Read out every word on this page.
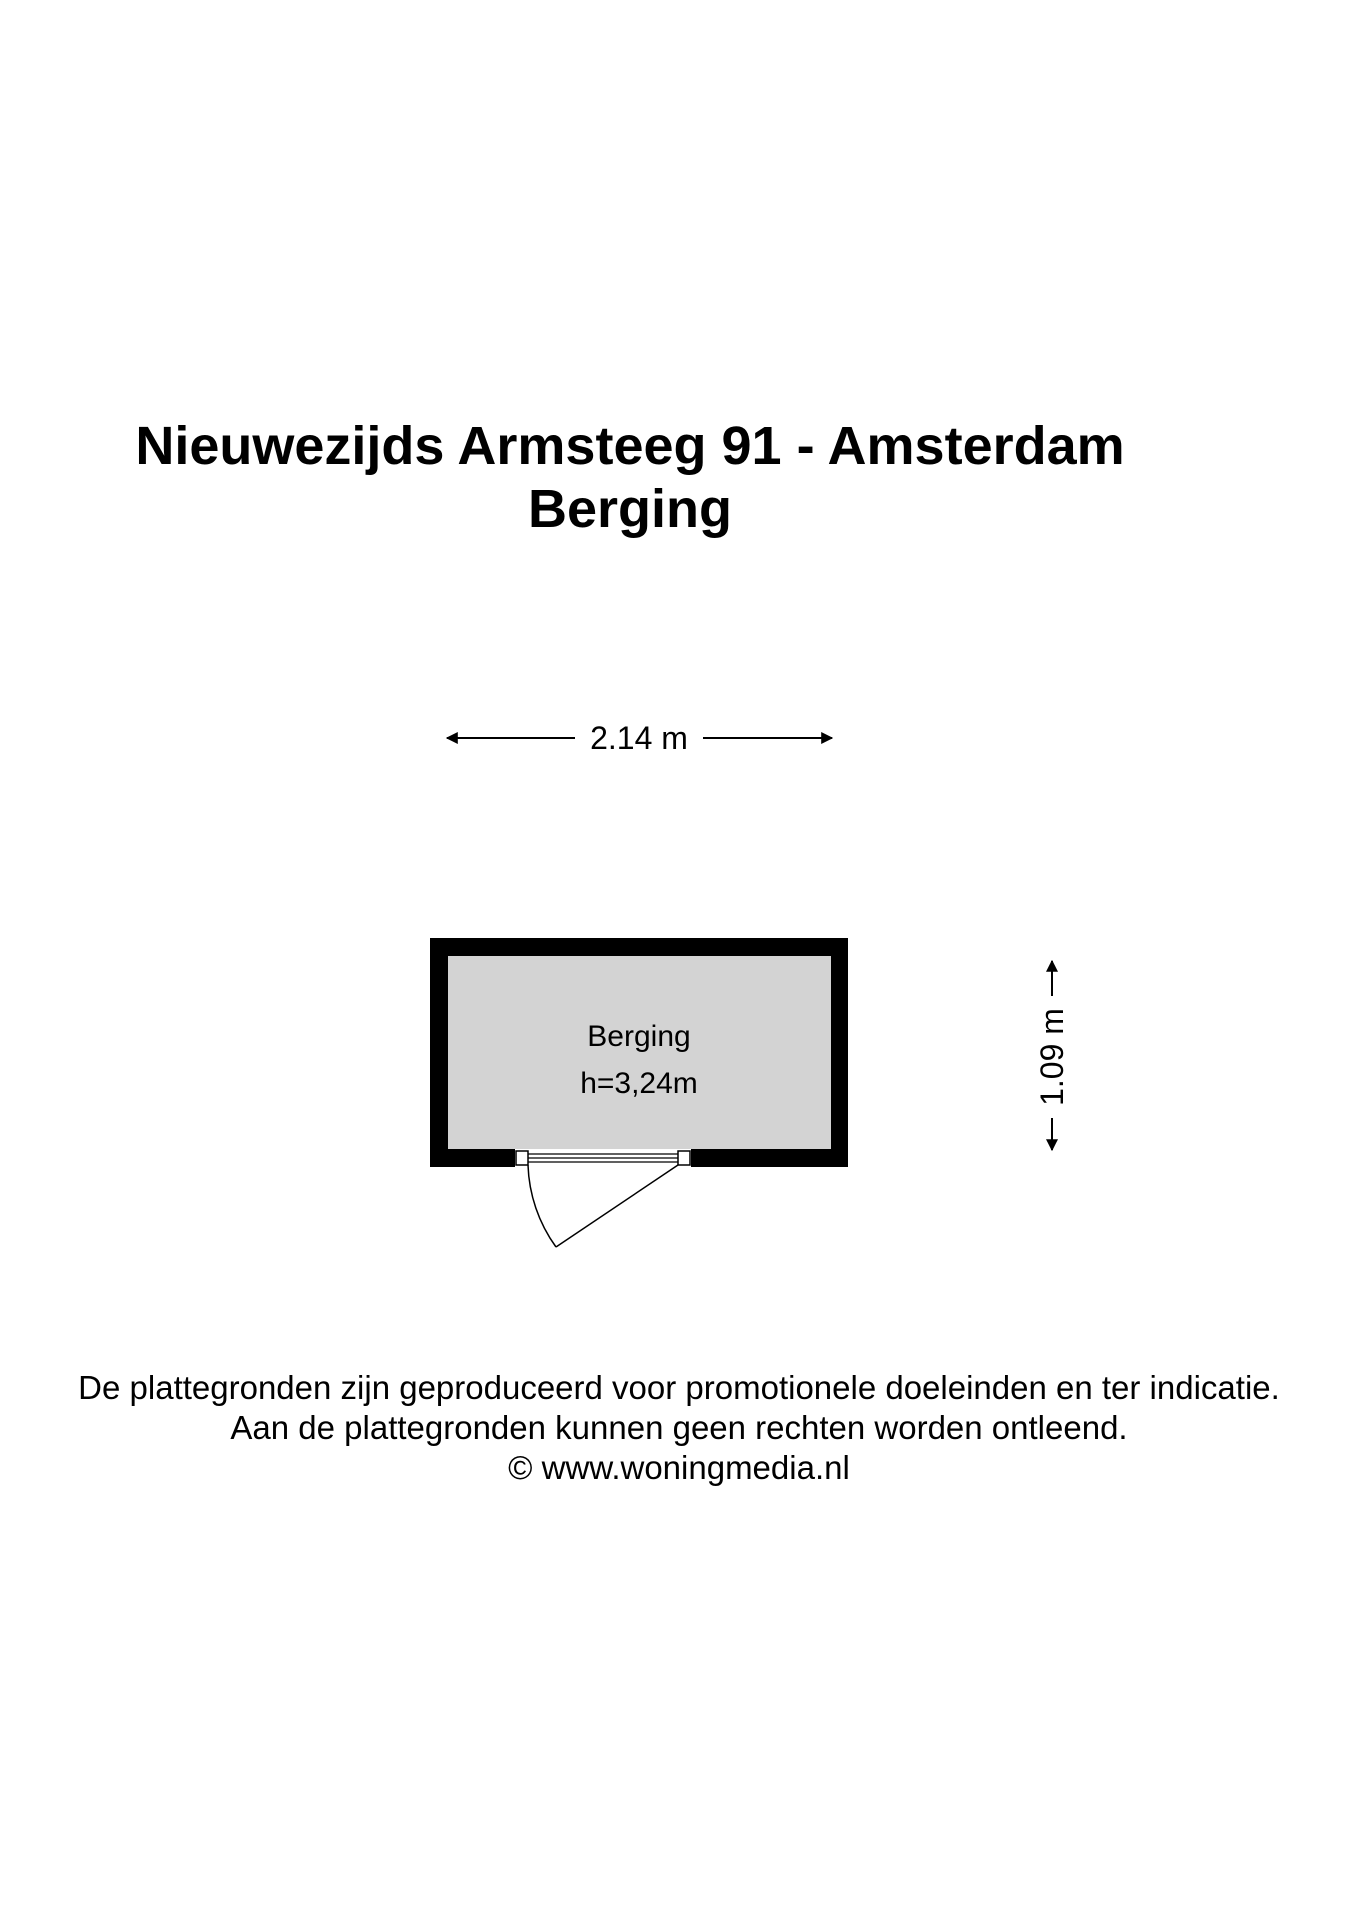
Nieuwezijds Armsteeg 91 - Amsterdam
Berging
2.14 m
Berging
h=3,24m	1.09 m
De plattegronden zijn geproduceerd voor promotionele doeleinden en ter indicatie.
Aan de plattegronden kunnen geen rechten worden ontleend.
© www.woningmedia.nl
